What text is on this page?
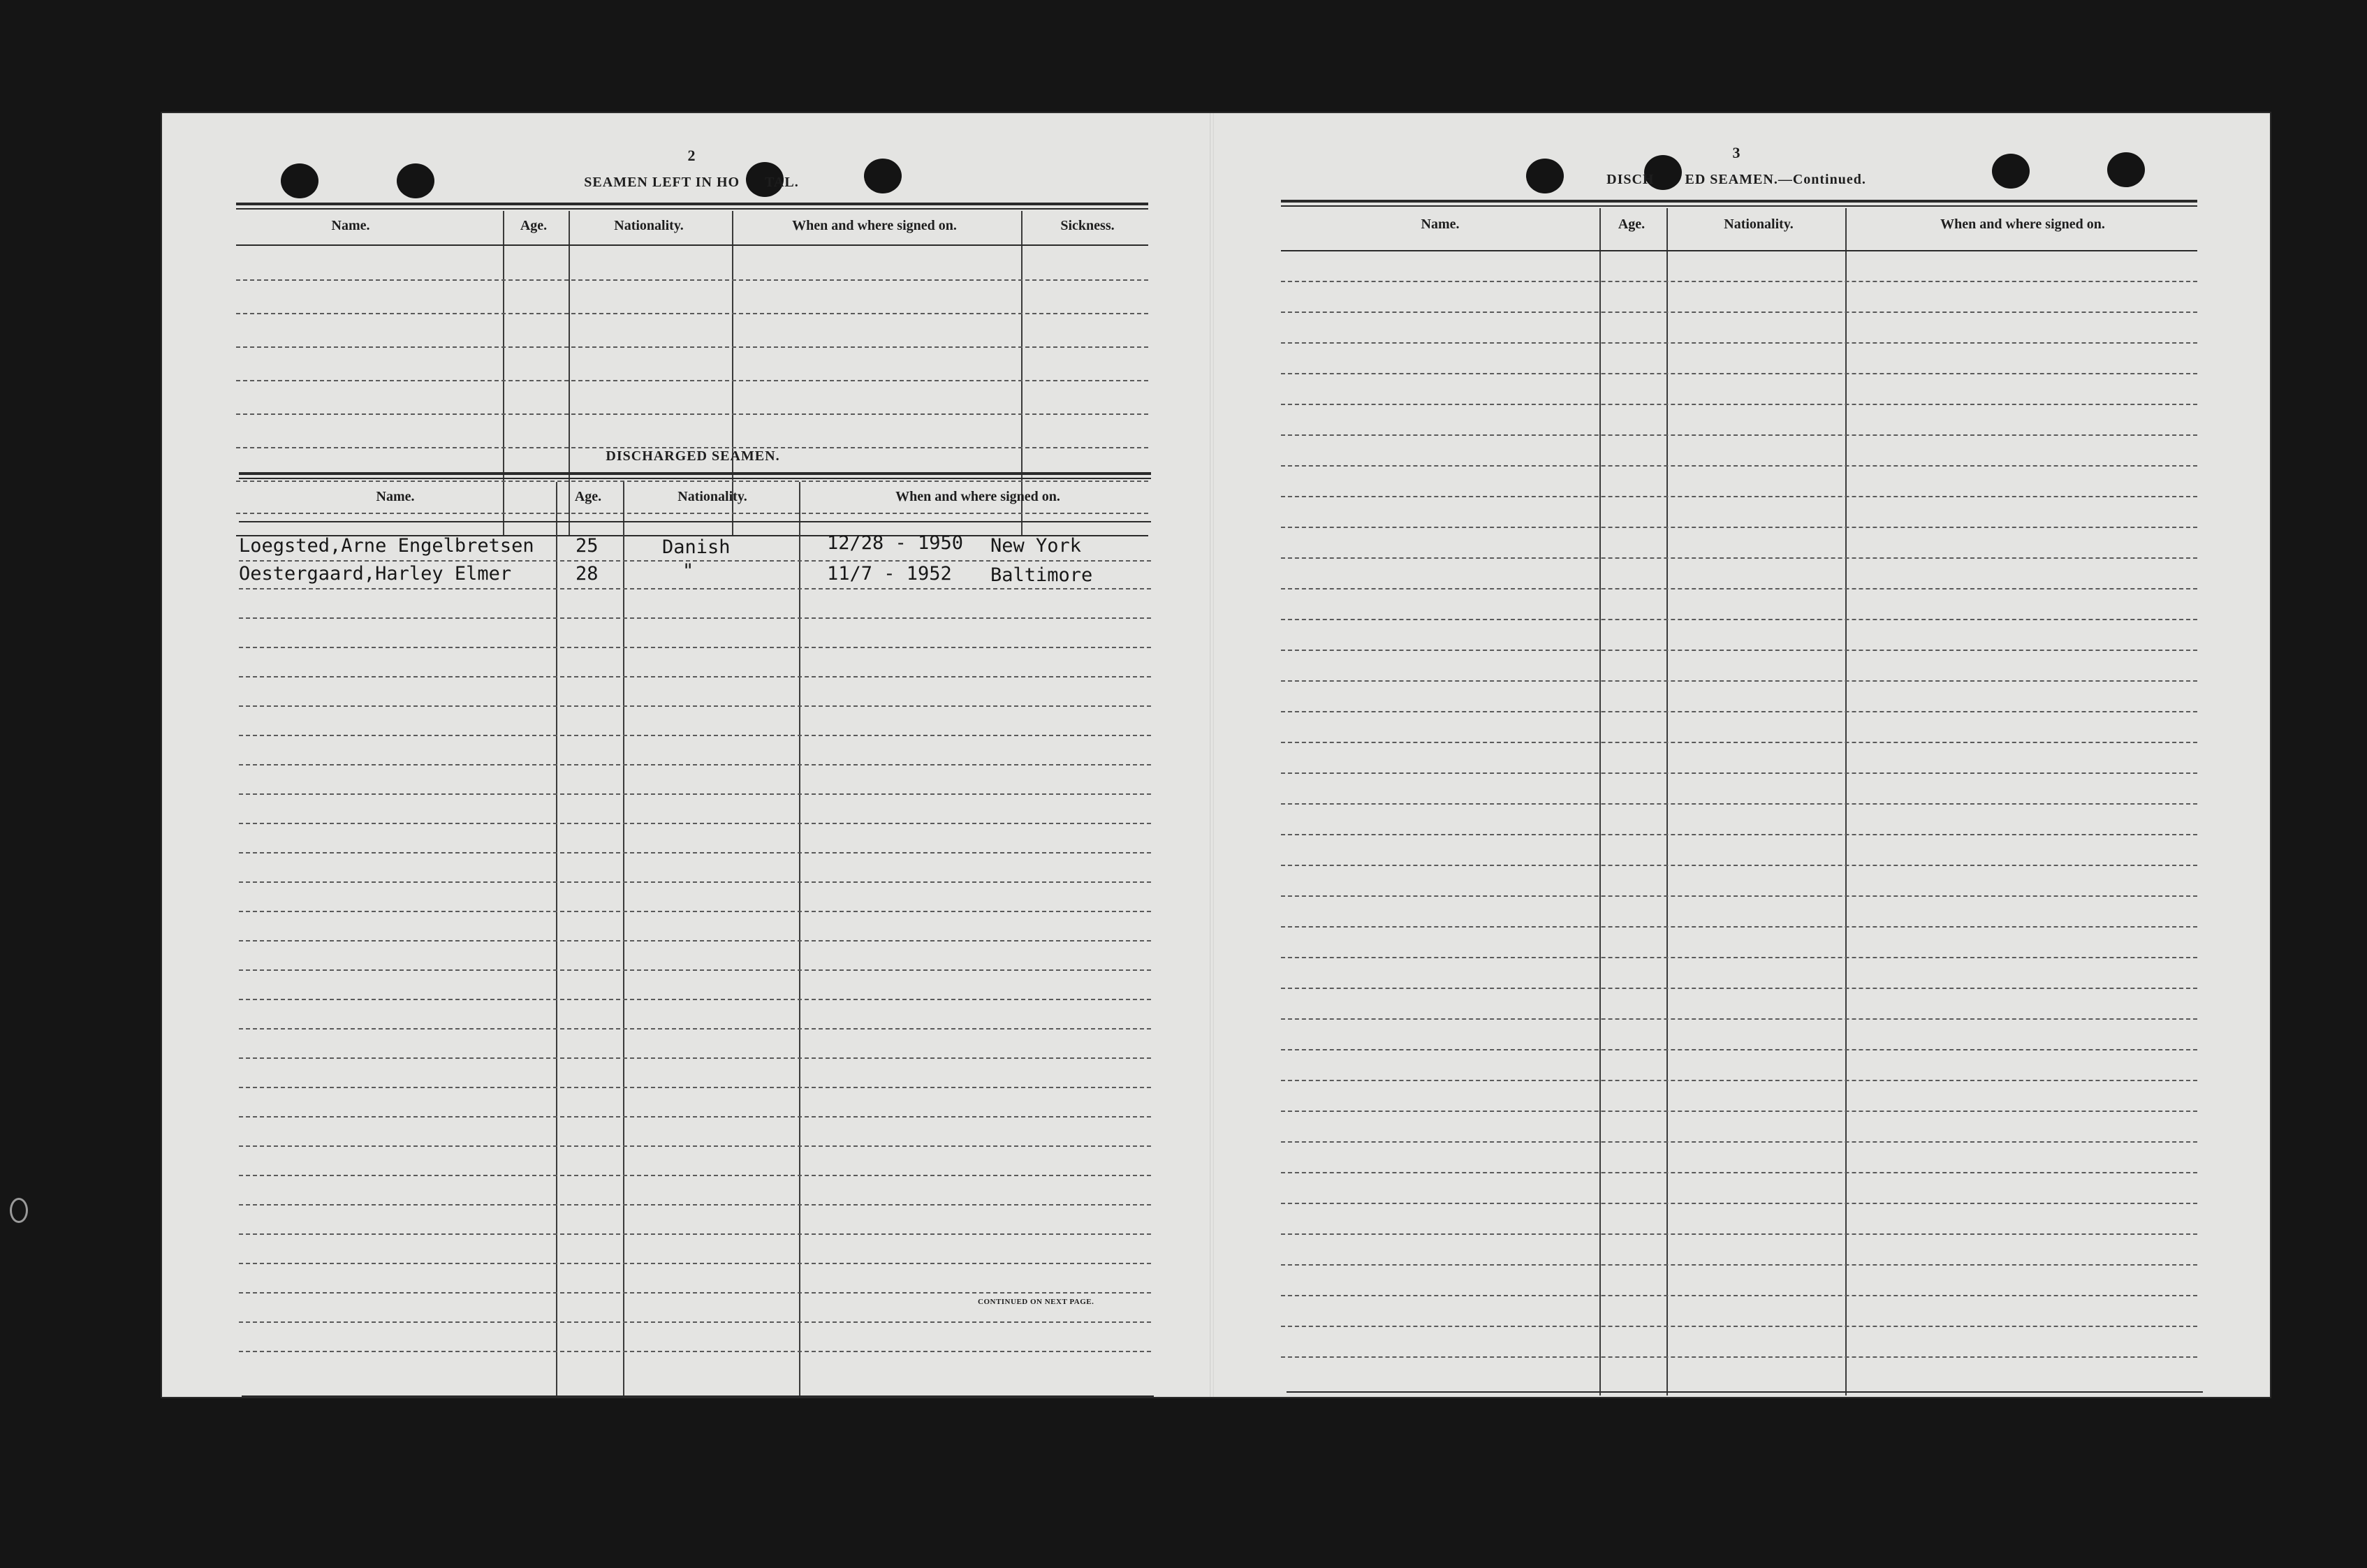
2
SEAMEN LEFT IN HO TAL.
Name.	Age.	Nationality.	When and where signed on.	Sickness.
DISCHARGED SEAMEN.
Name.	Age.	Nationality.	When and where signed on.
Loegsted,Arne Engelbretsen 25	Danish	12/28 - 1950 New York
Oestergaard,Harley Elmer	28	"	11/7 - 1952 Baltimore
CONTINUED ON NEXT PAGE.
3
DISCH ED SEAMEN.—Continued.
Name.	Age.	Nationality.	When and where signed on.
